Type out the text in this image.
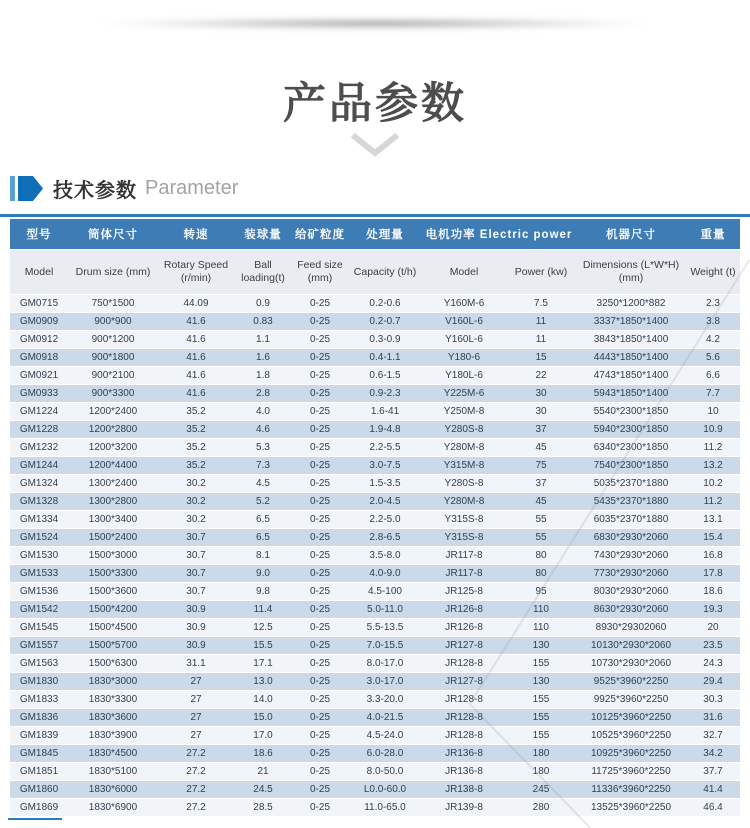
产品参数
技术参数 Parameter
型号	筒体尺寸	转速	装球量	给矿粒度	处理量	电机功率 Electric power		机器尺寸	重量
Model	Drum size (mm)	Rotary Speed (r/min)	Ball loading(t)	Feed size (mm)	Capacity (t/h)	Model	Power (kw)	Dimensions (L*W*H)(mm)	Weight (t)
GM0715	750*1500	44.09	0.9	0-25	0.2-0.6	Y160M-6	7.5	3250*1200*882	2.3
GM0909	900*900	41.6	0.83	0-25	0.2-0.7	V160L-6	11	3337*1850*1400	3.8
GM0912	900*1200	41.6	1.1	0-25	0.3-0.9	Y160L-6	11	3843*1850*1400	4.2
GM0918	900*1800	41.6	1.6	0-25	0.4-1.1	Y180-6	15	4443*1850*1400	5.6
GM0921	900*2100	41.6	1.8	0-25	0.6-1.5	Y180L-6	22	4743*1850*1400	6.6
GM0933	900*3300	41.6	2.8	0-25	0.9-2.3	Y225M-6	30	5943*1850*1400	7.7
GM1224	1200*2400	35.2	4.0	0-25	1.6-41	Y250M-8	30	5540*2300*1850	10
GM1228	1200*2800	35.2	4.6	0-25	1.9-4.8	Y280S-8	37	5940*2300*1850	10.9
GM1232	1200*3200	35.2	5.3	0-25	2.2-5.5	Y280M-8	45	6340*2300*1850	11.2
GM1244	1200*4400	35.2	7.3	0-25	3.0-7.5	Y315M-8	75	7540*2300*1850	13.2
GM1324	1300*2400	30.2	4.5	0-25	1.5-3.5	Y280S-8	37	5035*2370*1880	10.2
GM1328	1300*2800	30.2	5.2	0-25	2.0-4.5	Y280M-8	45	5435*2370*1880	11.2
GM1334	1300*3400	30.2	6.5	0-25	2.2-5.0	Y315S-8	55	6035*2370*1880	13.1
GM1524	1500*2400	30.7	6.5	0-25	2.8-6.5	Y315S-8	55	6830*2930*2060	15.4
GM1530	1500*3000	30.7	8.1	0-25	3.5-8.0	JR117-8	80	7430*2930*2060	16.8
GM1533	1500*3300	30.7	9.0	0-25	4.0-9.0	JR117-8	80	7730*2930*2060	17.8
GM1536	1500*3600	30.7	9.8	0-25	4.5-100	JR125-8	95	8030*2930*2060	18.6
GM1542	1500*4200	30.9	11.4	0-25	5.0-11.0	JR126-8	110	8630*2930*2060	19.3
GM1545	1500*4500	30.9	12.5	0-25	5.5-13.5	JR126-8	110	8930*29302060	20
GM1557	1500*5700	30.9	15.5	0-25	7.0-15.5	JR127-8	130	10130*2930*2060	23.5
GM1563	1500*6300	31.1	17.1	0-25	8.0-17.0	JR128-8	155	10730*2930*2060	24.3
GM1830	1830*3000	27	13.0	0-25	3.0-17.0	JR127-8	130	9525*3960*2250	29.4
GM1833	1830*3300	27	14.0	0-25	3.3-20.0	JR128-8	155	9925*3960*2250	30.3
GM1836	1830*3600	27	15.0	0-25	4.0-21.5	JR128-8	155	10125*3960*2250	31.6
GM1839	1830*3900	27	17.0	0-25	4.5-24.0	JR128-8	155	10525*3960*2250	32.7
GM1845	1830*4500	27.2	18.6	0-25	6.0-28.0	JR136-8	180	10925*3960*2250	34.2
GM1851	1830*5100	27.2	21	0-25	8.0-50.0	JR136-8	180	11725*3960*2250	37.7
GM1860	1830*6000	27.2	24.5	0-25	L0.0-60.0	JR138-8	245	11336*3960*2250	41.4
GM1869	1830*6900	27.2	28.5	0-25	11.0-65.0	JR139-8	280	13525*3960*2250	46.4
